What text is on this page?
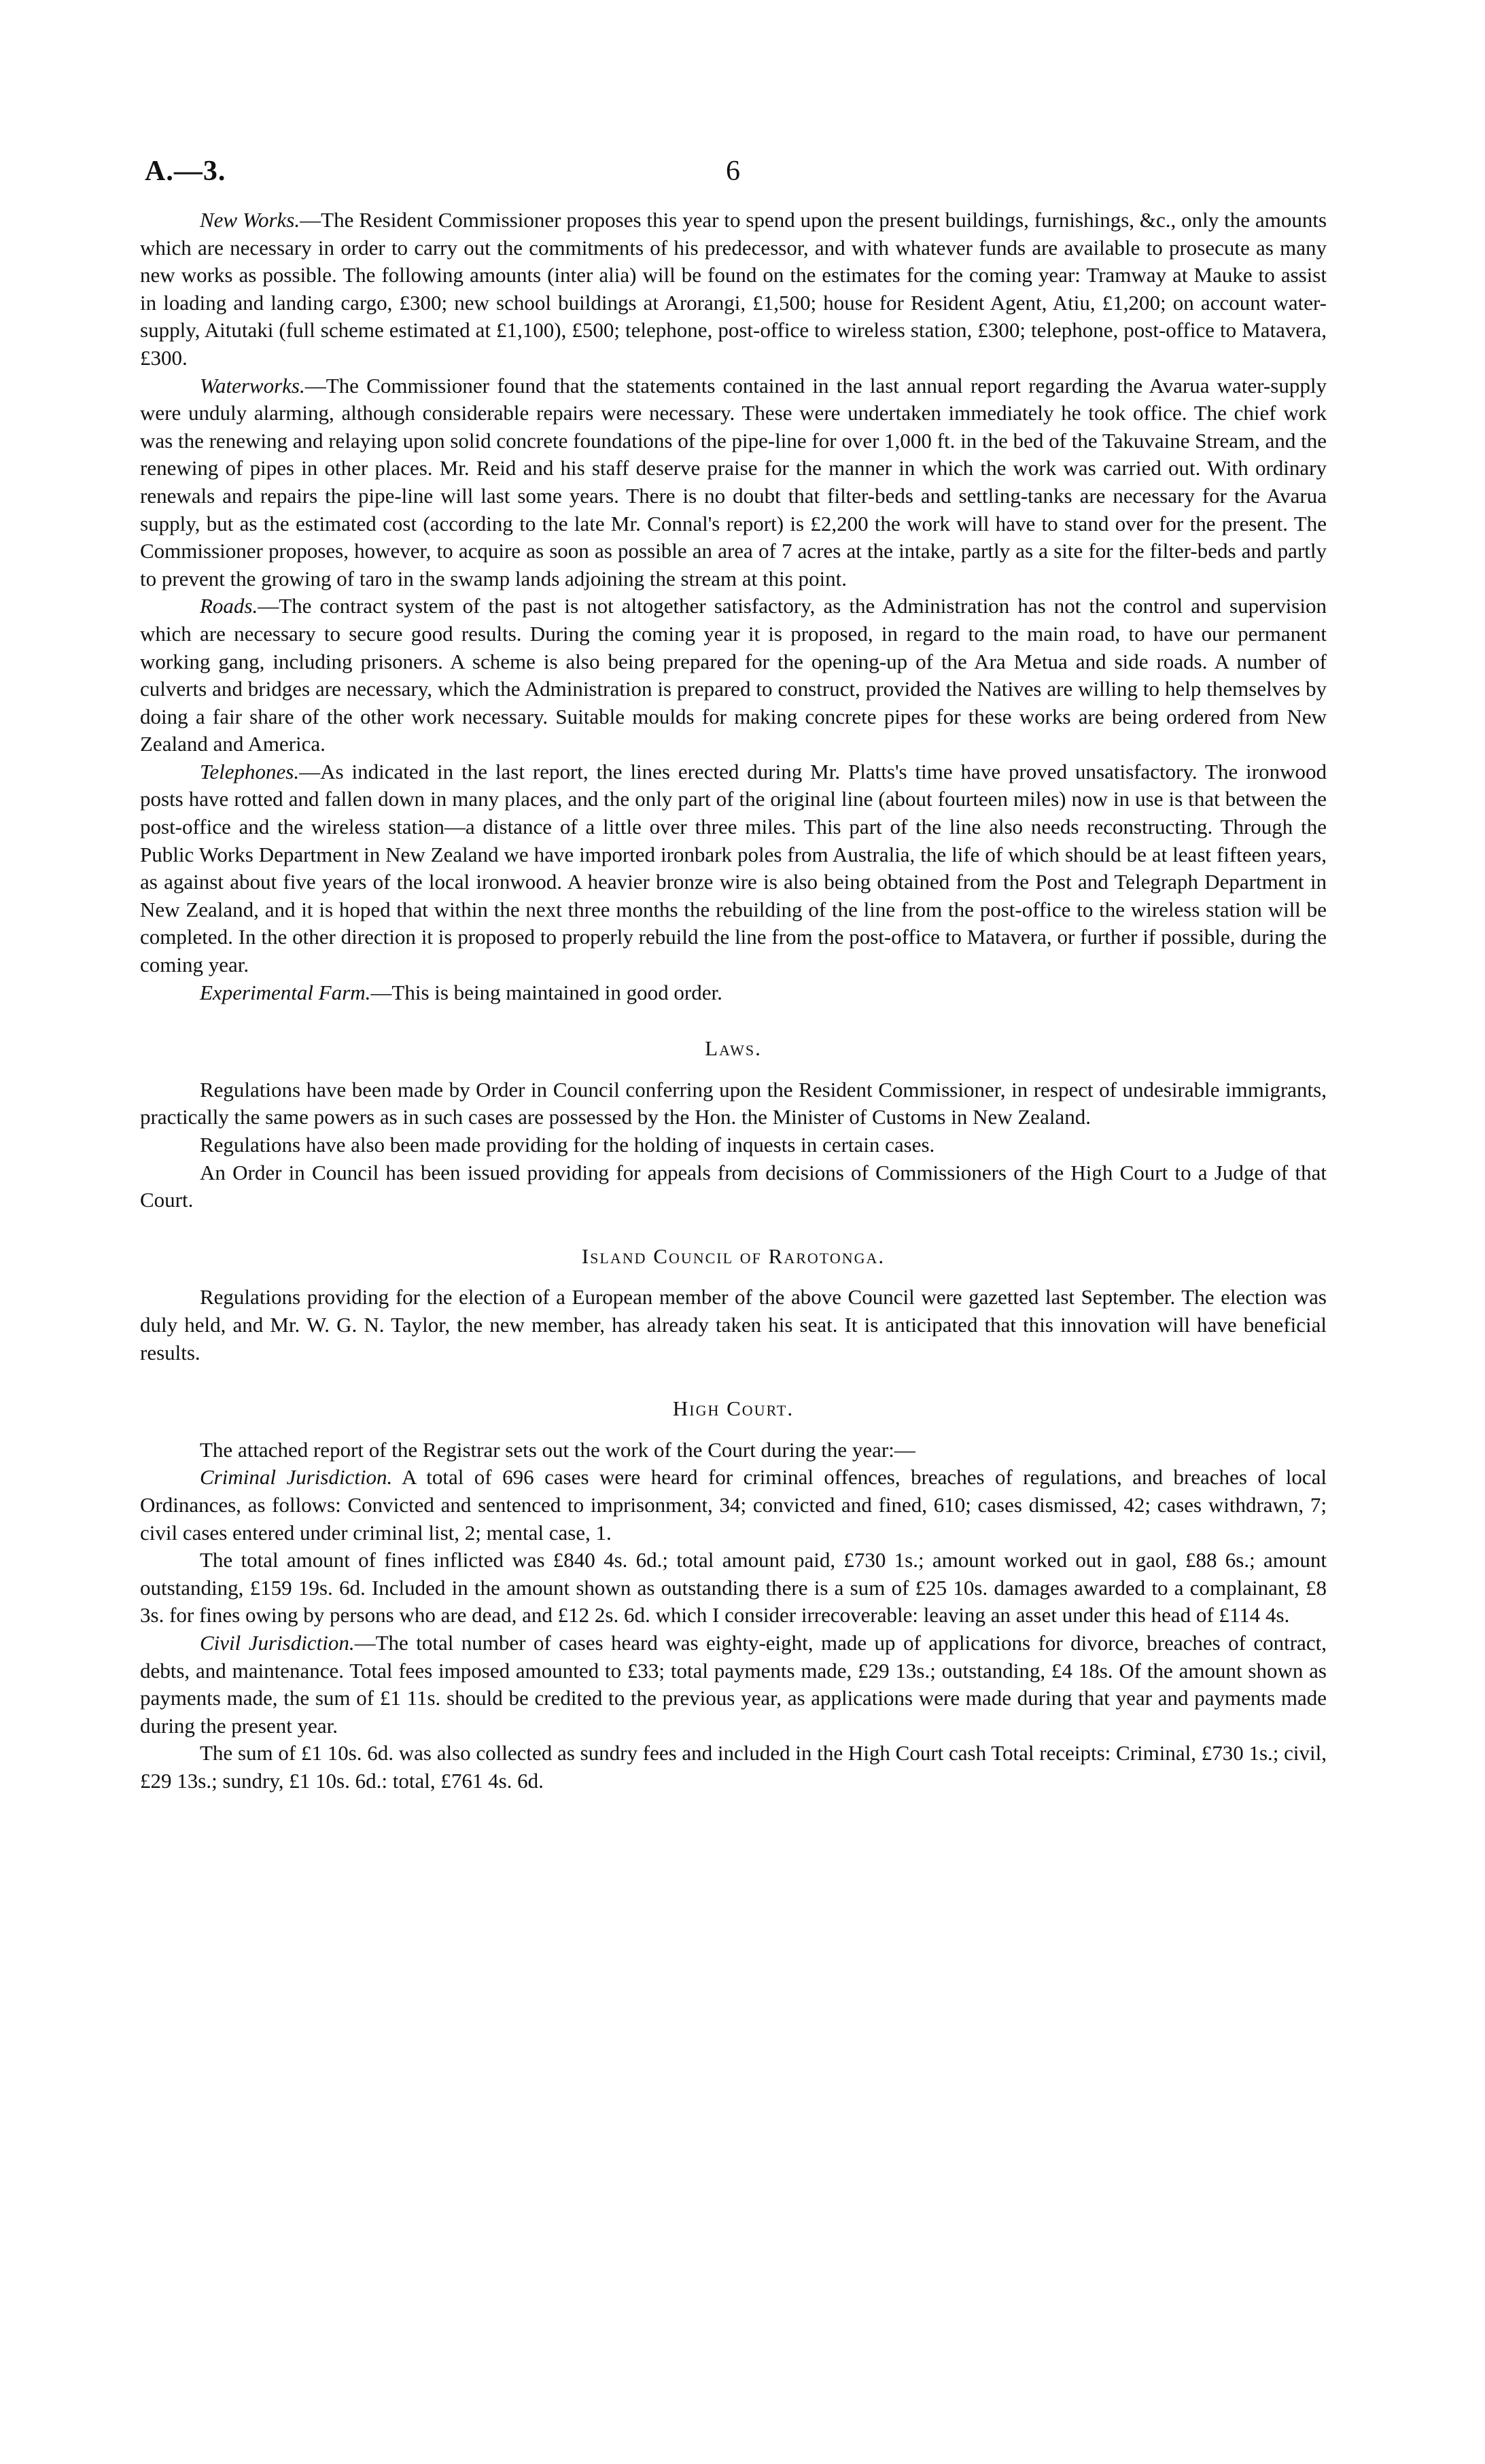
A.—3.	6

New Works.—The Resident Commissioner proposes this year to spend upon the present buildings, furnishings, &c., only the amounts which are necessary in order to carry out the commitments of his predecessor, and with whatever funds are available to prosecute as many new works as possible. The following amounts (inter alia) will be found on the estimates for the coming year: Tramway at Mauke to assist in loading and landing cargo, £300; new school buildings at Arorangi, £1,500; house for Resident Agent, Atiu, £1,200; on account water-supply, Aitutaki (full scheme estimated at £1,100), £500; telephone, post-office to wireless station, £300; telephone, post-office to Matavera, £300.

Waterworks.—The Commissioner found that the statements contained in the last annual report regarding the Avarua water-supply were unduly alarming, although considerable repairs were necessary. These were undertaken immediately he took office. The chief work was the renewing and relaying upon solid concrete foundations of the pipe-line for over 1,000 ft. in the bed of the Takuvaine Stream, and the renewing of pipes in other places. Mr. Reid and his staff deserve praise for the manner in which the work was carried out. With ordinary renewals and repairs the pipe-line will last some years. There is no doubt that filter-beds and settling-tanks are necessary for the Avarua supply, but as the estimated cost (according to the late Mr. Connal's report) is £2,200 the work will have to stand over for the present. The Commissioner proposes, however, to acquire as soon as possible an area of 7 acres at the intake, partly as a site for the filter-beds and partly to prevent the growing of taro in the swamp lands adjoining the stream at this point.

Roads.—The contract system of the past is not altogether satisfactory, as the Administration has not the control and supervision which are necessary to secure good results. During the coming year it is proposed, in regard to the main road, to have our permanent working gang, including prisoners. A scheme is also being prepared for the opening-up of the Ara Metua and side roads. A number of culverts and bridges are necessary, which the Administration is prepared to construct, provided the Natives are willing to help themselves by doing a fair share of the other work necessary. Suitable moulds for making concrete pipes for these works are being ordered from New Zealand and America.

Telephones.—As indicated in the last report, the lines erected during Mr. Platts's time have proved unsatisfactory. The ironwood posts have rotted and fallen down in many places, and the only part of the original line (about fourteen miles) now in use is that between the post-office and the wireless station—a distance of a little over three miles. This part of the line also needs reconstructing. Through the Public Works Department in New Zealand we have imported ironbark poles from Australia, the life of which should be at least fifteen years, as against about five years of the local ironwood. A heavier bronze wire is also being obtained from the Post and Telegraph Department in New Zealand, and it is hoped that within the next three months the rebuilding of the line from the post-office to the wireless station will be completed. In the other direction it is proposed to properly rebuild the line from the post-office to Matavera, or further if possible, during the coming year.

Experimental Farm.—This is being maintained in good order.

Laws.

Regulations have been made by Order in Council conferring upon the Resident Commissioner, in respect of undesirable immigrants, practically the same powers as in such cases are possessed by the Hon. the Minister of Customs in New Zealand.

Regulations have also been made providing for the holding of inquests in certain cases.

An Order in Council has been issued providing for appeals from decisions of Commissioners of the High Court to a Judge of that Court.

Island Council of Rarotonga.

Regulations providing for the election of a European member of the above Council were gazetted last September. The election was duly held, and Mr. W. G. N. Taylor, the new member, has already taken his seat. It is anticipated that this innovation will have beneficial results.

High Court.

The attached report of the Registrar sets out the work of the Court during the year:—

Criminal Jurisdiction. A total of 696 cases were heard for criminal offences, breaches of regulations, and breaches of local Ordinances, as follows: Convicted and sentenced to imprisonment, 34; convicted and fined, 610; cases dismissed, 42; cases withdrawn, 7; civil cases entered under criminal list, 2; mental case, 1.

The total amount of fines inflicted was £840 4s. 6d.; total amount paid, £730 1s.; amount worked out in gaol, £88 6s.; amount outstanding, £159 19s. 6d. Included in the amount shown as outstanding there is a sum of £25 10s. damages awarded to a complainant, £8 3s. for fines owing by persons who are dead, and £12 2s. 6d. which I consider irrecoverable: leaving an asset under this head of £114 4s.

Civil Jurisdiction.—The total number of cases heard was eighty-eight, made up of applications for divorce, breaches of contract, debts, and maintenance. Total fees imposed amounted to £33; total payments made, £29 13s.; outstanding, £4 18s. Of the amount shown as payments made, the sum of £1 11s. should be credited to the previous year, as applications were made during that year and payments made during the present year.

The sum of £1 10s. 6d. was also collected as sundry fees and included in the High Court cash Total receipts: Criminal, £730 1s.; civil, £29 13s.; sundry, £1 10s. 6d.: total, £761 4s. 6d.
